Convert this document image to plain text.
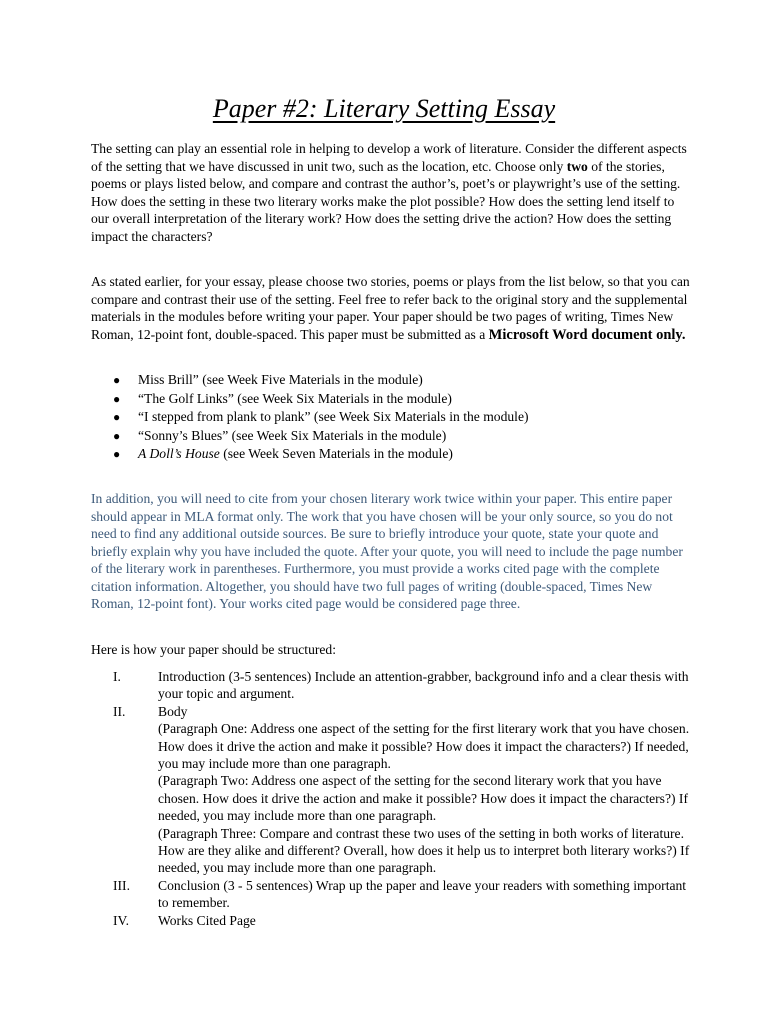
Paper #2: Literary Setting Essay
The setting can play an essential role in helping to develop a work of literature. Consider the different aspects of the setting that we have discussed in unit two, such as the location, etc. Choose only two of the stories, poems or plays listed below, and compare and contrast the author’s, poet’s or playwright’s use of the setting. How does the setting in these two literary works make the plot possible? How does the setting lend itself to our overall interpretation of the literary work? How does the setting drive the action? How does the setting impact the characters?
As stated earlier, for your essay, please choose two stories, poems or plays from the list below, so that you can compare and contrast their use of the setting. Feel free to refer back to the original story and the supplemental materials in the modules before writing your paper. Your paper should be two pages of writing, Times New Roman, 12-point font, double-spaced. This paper must be submitted as a Microsoft Word document only.
●	Miss Brill” (see Week Five Materials in the module)
●	“The Golf Links” (see Week Six Materials in the module)
●	“I stepped from plank to plank” (see Week Six Materials in the module)
●	“Sonny’s Blues” (see Week Six Materials in the module)
●	A Doll’s House (see Week Seven Materials in the module)
In addition, you will need to cite from your chosen literary work twice within your paper. This entire paper should appear in MLA format only. The work that you have chosen will be your only source, so you do not need to find any additional outside sources. Be sure to briefly introduce your quote, state your quote and briefly explain why you have included the quote. After your quote, you will need to include the page number of the literary work in parentheses. Furthermore, you must provide a works cited page with the complete citation information. Altogether, you should have two full pages of writing (double-spaced, Times New Roman, 12-point font). Your works cited page would be considered page three.
Here is how your paper should be structured:
I.	Introduction (3-5 sentences) Include an attention-grabber, background info and a clear thesis with your topic and argument.
II.	Body
(Paragraph One: Address one aspect of the setting for the first literary work that you have chosen. How does it drive the action and make it possible? How does it impact the characters?) If needed, you may include more than one paragraph.
(Paragraph Two: Address one aspect of the setting for the second literary work that you have chosen. How does it drive the action and make it possible? How does it impact the characters?) If needed, you may include more than one paragraph.
(Paragraph Three: Compare and contrast these two uses of the setting in both works of literature. How are they alike and different? Overall, how does it help us to interpret both literary works?) If needed, you may include more than one paragraph.
III.	Conclusion (3 - 5 sentences) Wrap up the paper and leave your readers with something important to remember.
IV.	Works Cited Page
